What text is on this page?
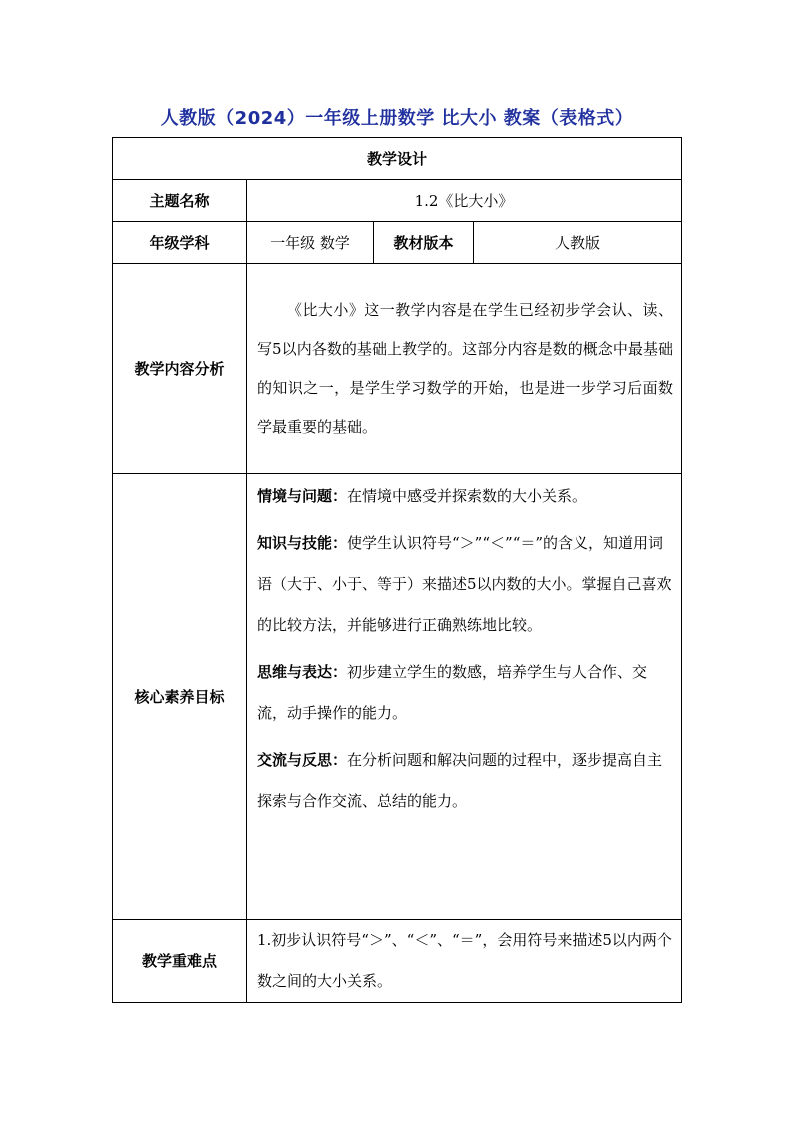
人教版（2024）一年级上册数学 比大小 教案（表格式）
教学设计			
主题名称	1.2《比大小》		
年级学科	一年级 数学	教材版本	人教版
教学内容分析	《比大小》这一教学内容是在学生已经初步学会认、读、写5以内各数的基础上教学的。这部分内容是数的概念中最基础的知识之一，是学生学习数学的开始，也是进一步学习后面数学最重要的基础。		

核心素养目标	情境与问题：在情境中感受并探索数的大小关系。
知识与技能：使学生认识符号“＞”“＜”“＝”的含义，知道用词语（大于、小于、等于）来描述5以内数的大小。掌握自己喜欢的比较方法，并能够进行正确熟练地比较。
思维与表达：初步建立学生的数感，培养学生与人合作、交流，动手操作的能力。
交流与反思：在分析问题和解决问题的过程中，逐步提高自主探索与合作交流、总结的能力。		

教学重难点	1.初步认识符号“＞”、“＜”、“＝”，会用符号来描述5以内两个数之间的大小关系。		
